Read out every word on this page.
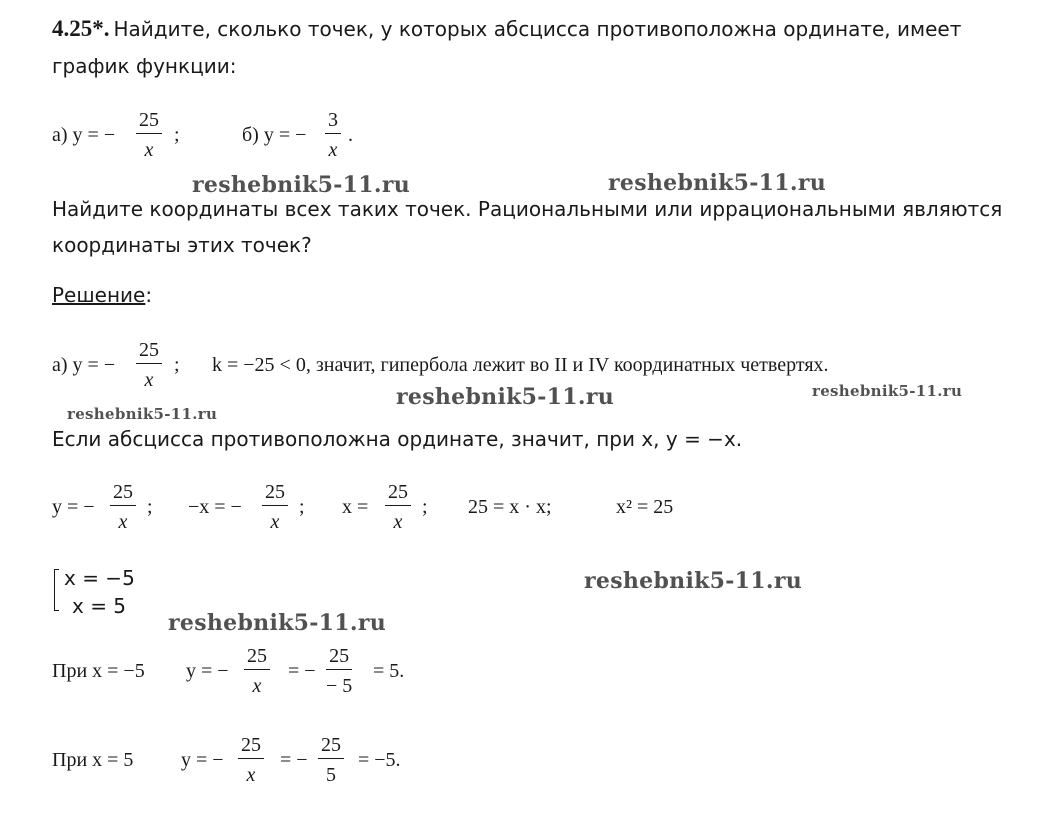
4.25*. Найдите, сколько точек, у которых абсцисса противоположна ординате, имеет
график функции:
а) у = − $\frac{25}{x}$ ;	б) у = − $\frac{3}{x}$ .
reshebnik5-11.ru	reshebnik5-11.ru
Найдите координаты всех таких точек. Рациональными или иррациональными являются
координаты этих точек?
Решение:
а) у = − $\frac{25}{x}$ ; k = −25 < 0, значит, гипербола лежит во II и IV координатных четвертях.
reshebnik5-11.ru	reshebnik5-11.ru
reshebnik5-11.ru
Если абсцисса противоположна ординате, значит, при х, у = −х.
у = − $\frac{25}{x}$ ; −х = − $\frac{25}{x}$ ; $х = \frac{25}{x}$ ; 25 = х · х;	х² = 25
x = −5
x = 5
reshebnik5-11.ru
reshebnik5-11.ru
При х = −5 у = − $\frac{25}{x}$ = − $\frac{25}{- 5} = 5$.
При х = 5 у = − $\frac{25}{x}$ = − $\frac{25}{5} = -5$.
